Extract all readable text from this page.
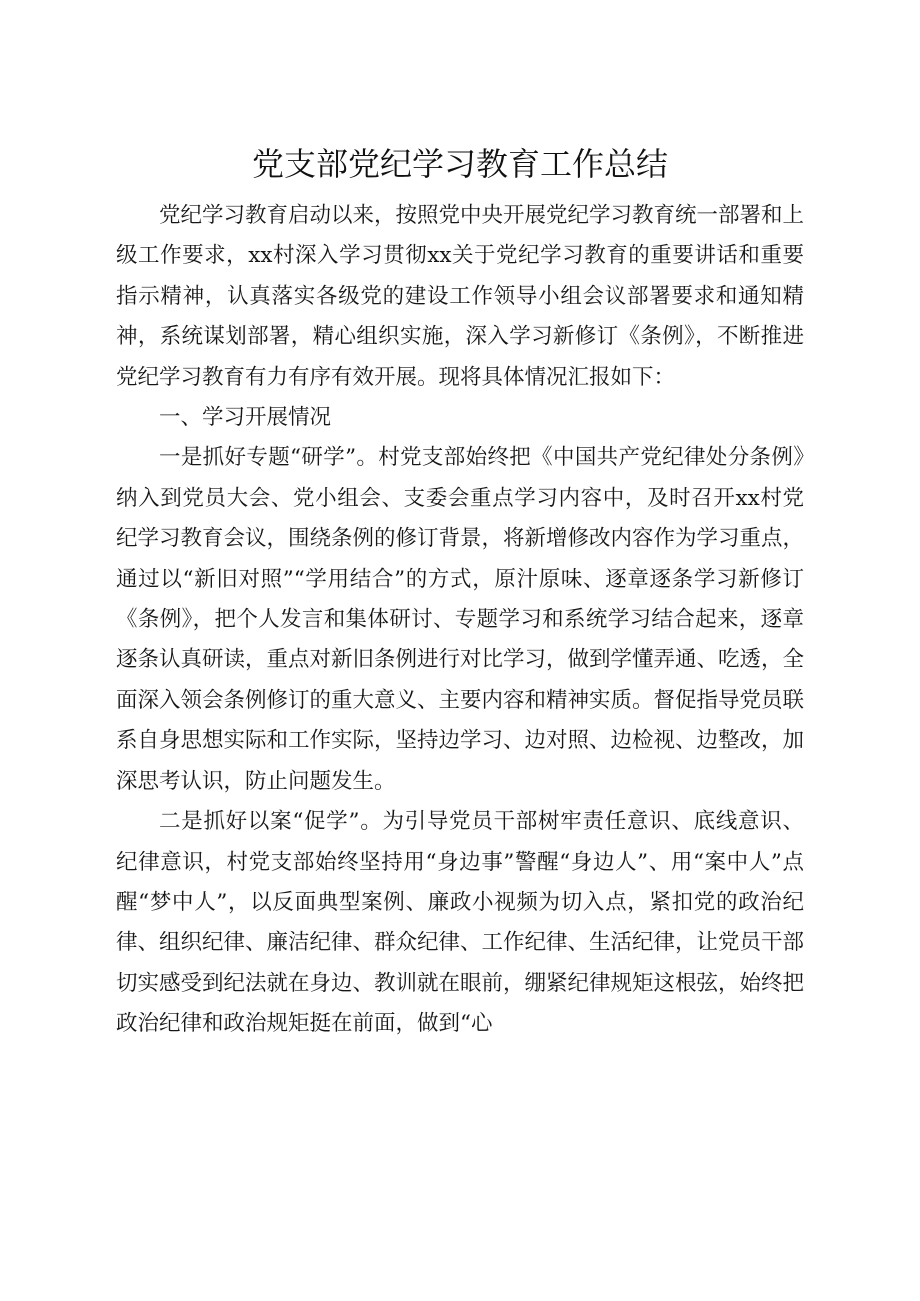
党支部党纪学习教育工作总结

党纪学习教育启动以来，按照党中央开展党纪学习教育统一部署和上级工作要求，xx村深入学习贯彻xx关于党纪学习教育的重要讲话和重要指示精神，认真落实各级党的建设工作领导小组会议部署要求和通知精神，系统谋划部署，精心组织实施，深入学习新修订《条例》，不断推进党纪学习教育有力有序有效开展。现将具体情况汇报如下：

一、学习开展情况

一是抓好专题“研学”。村党支部始终把《中国共产党纪律处分条例》纳入到党员大会、党小组会、支委会重点学习内容中，及时召开xx村党纪学习教育会议，围绕条例的修订背景，将新增修改内容作为学习重点，通过以“新旧对照”“学用结合”的方式，原汁原味、逐章逐条学习新修订《条例》，把个人发言和集体研讨、专题学习和系统学习结合起来，逐章逐条认真研读，重点对新旧条例进行对比学习，做到学懂弄通、吃透，全面深入领会条例修订的重大意义、主要内容和精神实质。督促指导党员联系自身思想实际和工作实际，坚持边学习、边对照、边检视、边整改，加深思考认识，防止问题发生。

二是抓好以案“促学”。为引导党员干部树牢责任意识、底线意识、纪律意识，村党支部始终坚持用“身边事”警醒“身边人”、用“案中人”点醒“梦中人”，以反面典型案例、廉政小视频为切入点，紧扣党的政治纪律、组织纪律、廉洁纪律、群众纪律、工作纪律、生活纪律，让党员干部切实感受到纪法就在身边、教训就在眼前，绷紧纪律规矩这根弦，始终把政治纪律和政治规矩挺在前面，做到“心
